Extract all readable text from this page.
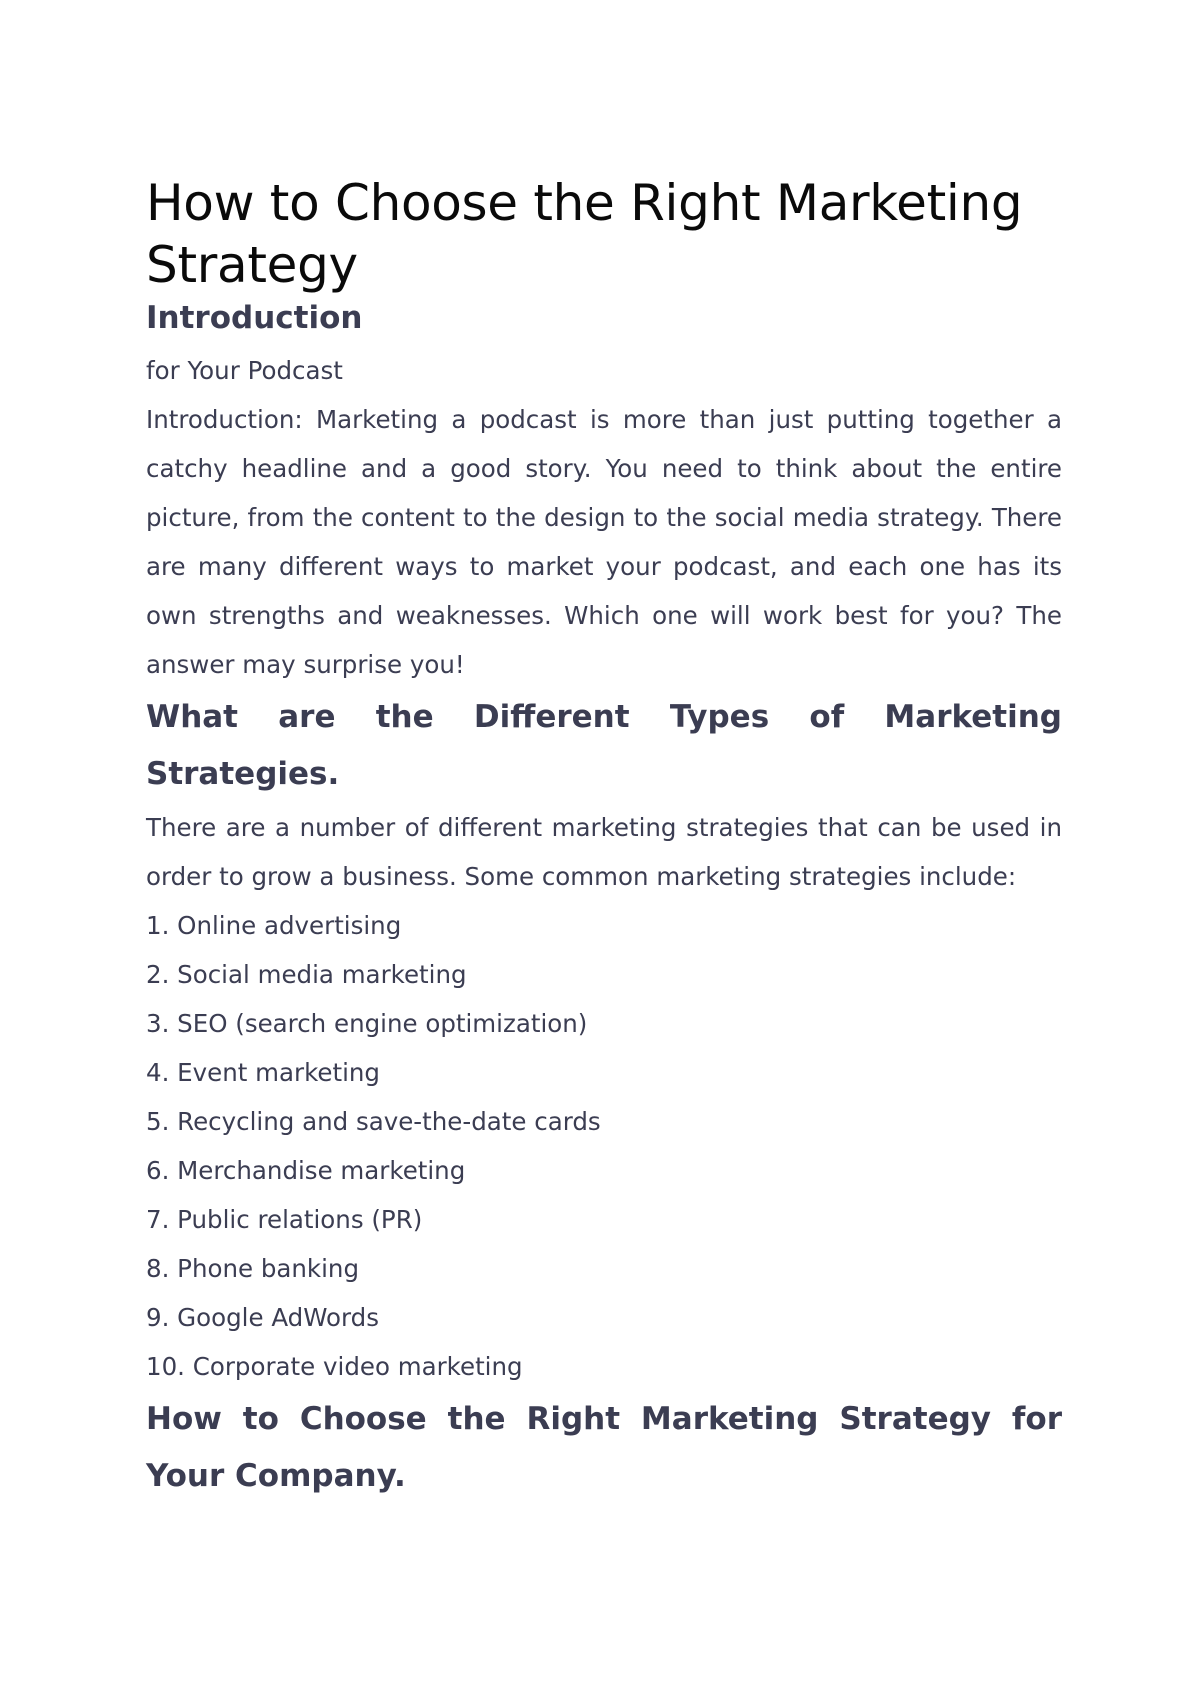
How to Choose the Right Marketing Strategy
Introduction

for Your Podcast

Introduction: Marketing a podcast is more than just putting together a catchy headline and a good story. You need to think about the entire picture, from the content to the design to the social media strategy. There are many different ways to market your podcast, and each one has its own strengths and weaknesses. Which one will work best for you? The answer may surprise you!

What are the Different Types of Marketing Strategies.

There are a number of different marketing strategies that can be used in order to grow a business. Some common marketing strategies include:

1. Online advertising
2. Social media marketing
3. SEO (search engine optimization)
4. Event marketing
5. Recycling and save-the-date cards
6. Merchandise marketing
7. Public relations (PR)
8. Phone banking
9. Google AdWords
10. Corporate video marketing
How to Choose the Right Marketing Strategy for Your Company.
